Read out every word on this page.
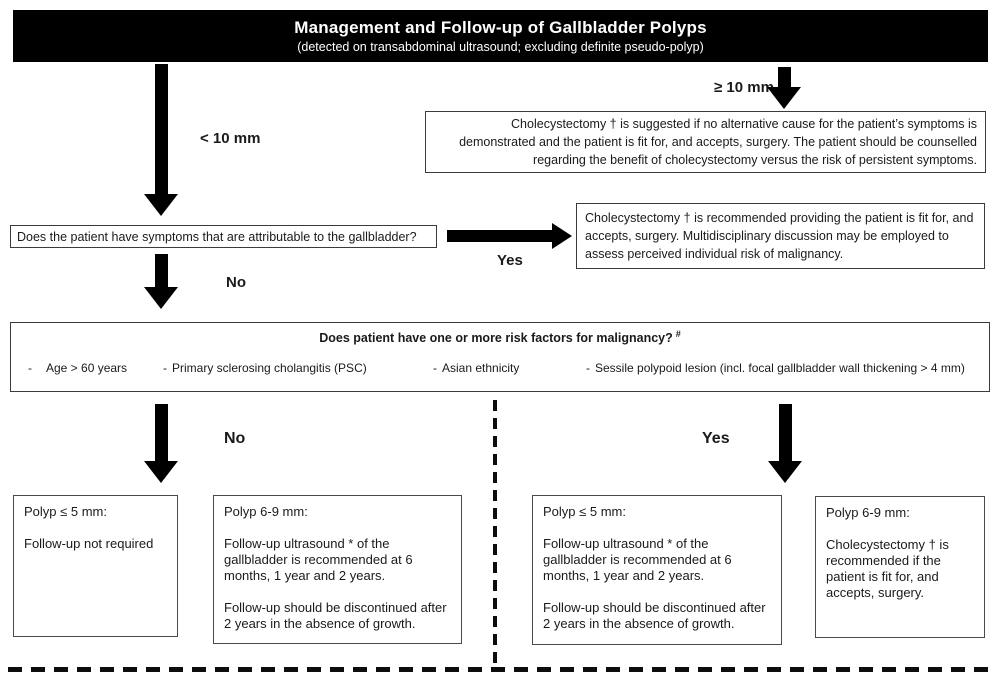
Management and Follow-up of Gallbladder Polyps
(detected on transabdominal ultrasound; excluding definite pseudo-polyp)
< 10 mm
≥ 10 mm
Cholecystectomy † is suggested if no alternative cause for the patient’s symptoms is demonstrated and the patient is fit for, and accepts, surgery. The patient should be counselled regarding the benefit of cholecystectomy versus the risk of persistent symptoms.
Does the patient have symptoms that are attributable to the gallbladder?
Yes
Cholecystectomy † is recommended providing the patient is fit for, and accepts, surgery. Multidisciplinary discussion may be employed to assess perceived individual risk of malignancy.
No
Does patient have one or more risk factors for malignancy? #
- Age > 60 years	- Primary sclerosing cholangitis (PSC)	- Asian ethnicity	- Sessile polypoid lesion (incl. focal gallbladder wall thickening > 4 mm)
No	Yes
Polyp ≤ 5 mm:

Follow-up not required

Polyp 6-9 mm:

Follow-up ultrasound * of the gallbladder is recommended at 6 months, 1 year and 2 years.

Follow-up should be discontinued after 2 years in the absence of growth.

Polyp ≤ 5 mm:

Follow-up ultrasound * of the gallbladder is recommended at 6 months, 1 year and 2 years.

Follow-up should be discontinued after 2 years in the absence of growth.

Polyp 6-9 mm:

Cholecystectomy † is recommended if the patient is fit for, and accepts, surgery.
